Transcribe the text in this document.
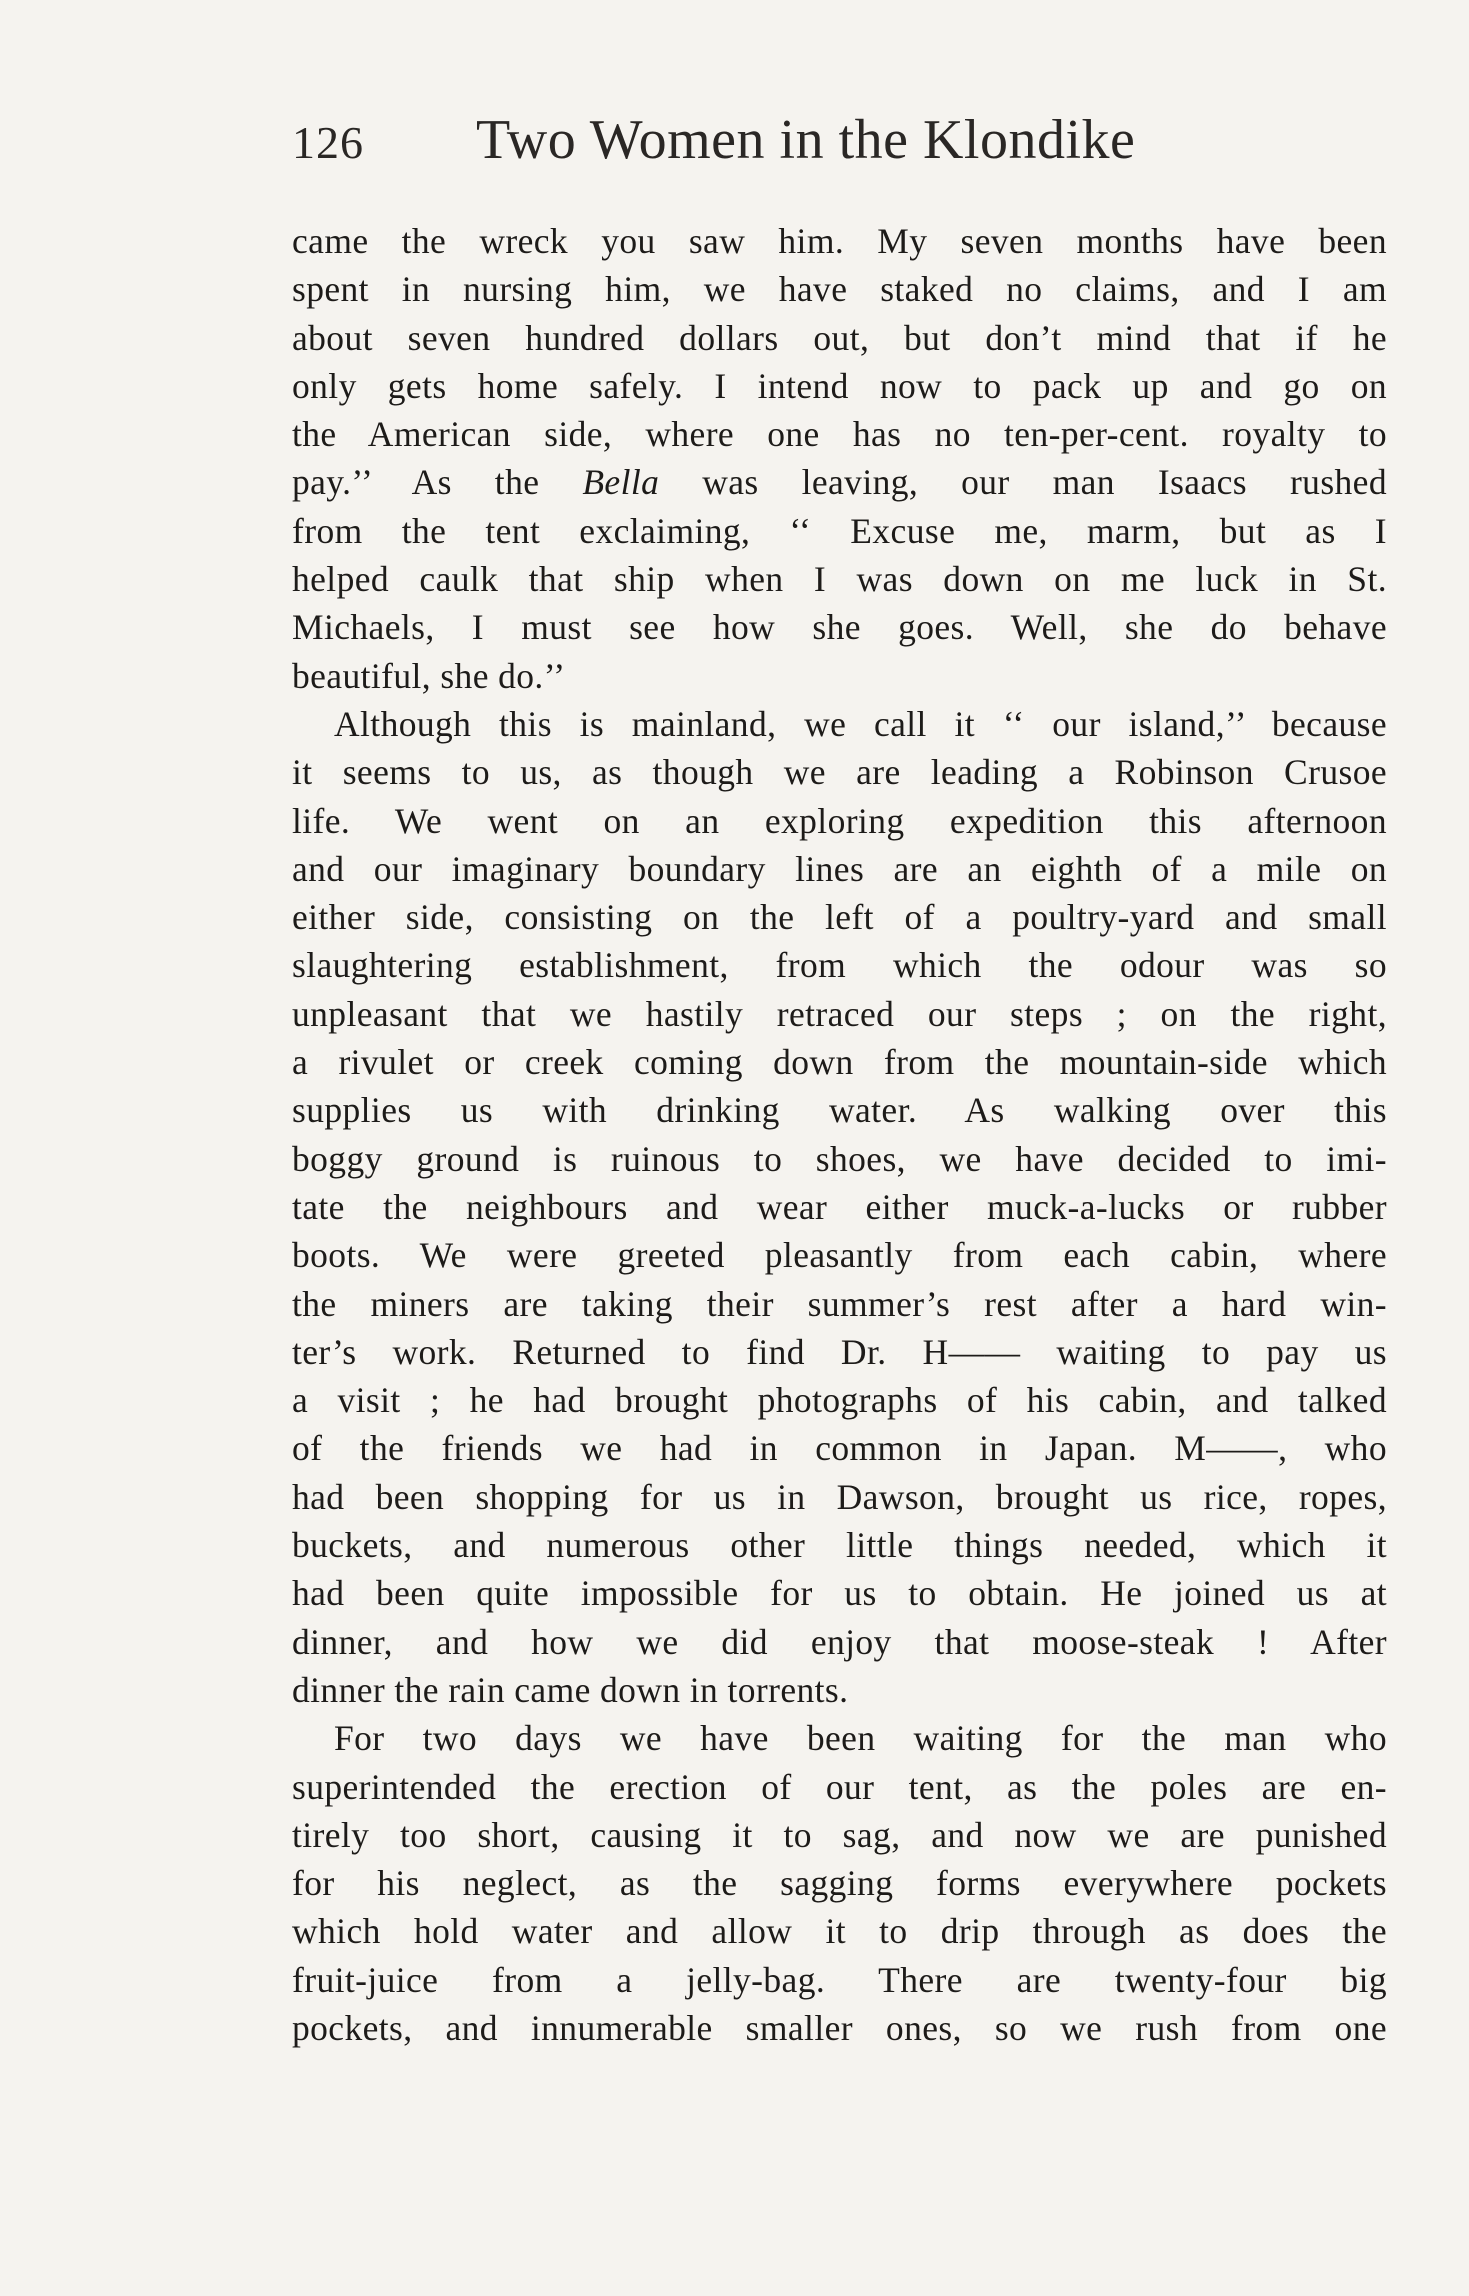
126 Two Women in the Klondike
came the wreck you saw him. My seven months have been
spent in nursing him, we have staked no claims, and I am
about seven hundred dollars out, but don’t mind that if he
only gets home safely. I intend now to pack up and go on
the American side, where one has no ten-per-cent. royalty to
pay.’’ As the Bella was leaving, our man Isaacs rushed
from the tent exclaiming, ‘‘ Excuse me, marm, but as I
helped caulk that ship when I was down on me luck in St.
Michaels, I must see how she goes. Well, she do behave
beautiful, she do.’’
Although this is mainland, we call it ‘‘ our island,’’ because
it seems to us, as though we are leading a Robinson Crusoe
life. We went on an exploring expedition this afternoon
and our imaginary boundary lines are an eighth of a mile on
either side, consisting on the left of a poultry-yard and small
slaughtering establishment, from which the odour was so
unpleasant that we hastily retraced our steps ; on the right,
a rivulet or creek coming down from the mountain-side which
supplies us with drinking water. As walking over this
boggy ground is ruinous to shoes, we have decided to imi-
tate the neighbours and wear either muck-a-lucks or rubber
boots. We were greeted pleasantly from each cabin, where
the miners are taking their summer’s rest after a hard win-
ter’s work. Returned to find Dr. H—— waiting to pay us
a visit ; he had brought photographs of his cabin, and talked
of the friends we had in common in Japan. M——, who
had been shopping for us in Dawson, brought us rice, ropes,
buckets, and numerous other little things needed, which it
had been quite impossible for us to obtain. He joined us at
dinner, and how we did enjoy that moose-steak ! After
dinner the rain came down in torrents.
For two days we have been waiting for the man who
superintended the erection of our tent, as the poles are en-
tirely too short, causing it to sag, and now we are punished
for his neglect, as the sagging forms everywhere pockets
which hold water and allow it to drip through as does the
fruit-juice from a jelly-bag. There are twenty-four big
pockets, and innumerable smaller ones, so we rush from one
